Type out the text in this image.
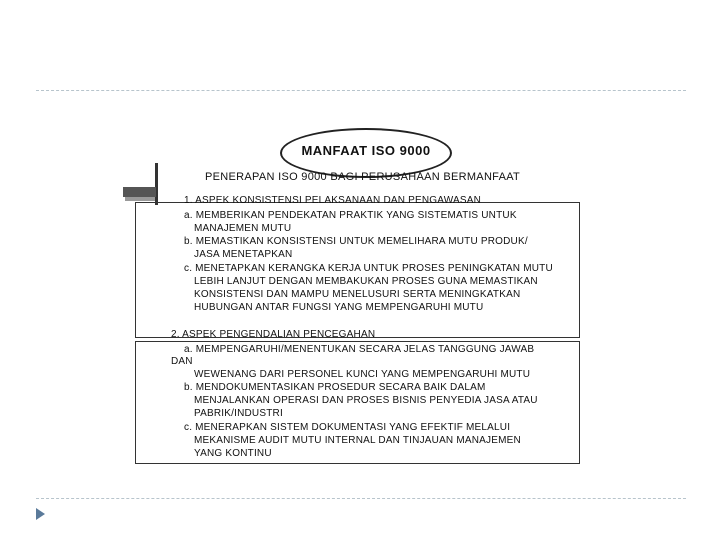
MANFAAT ISO 9000
PENERAPAN ISO 9000 BAGI PERUSAHAAN BERMANFAAT
1. ASPEK KONSISTENSI PELAKSANAAN DAN PENGAWASAN
a. MEMBERIKAN PENDEKATAN PRAKTIK YANG SISTEMATIS UNTUK
MANAJEMEN MUTU
b. MEMASTIKAN KONSISTENSI UNTUK MEMELIHARA MUTU PRODUK/
JASA MENETAPKAN
c. MENETAPKAN KERANGKA KERJA UNTUK PROSES PENINGKATAN MUTU
LEBIH LANJUT DENGAN MEMBAKUKAN PROSES GUNA MEMASTIKAN
KONSISTENSI DAN MAMPU MENELUSURI SERTA MENINGKATKAN
HUBUNGAN ANTAR FUNGSI YANG MEMPENGARUHI MUTU
2. ASPEK PENGENDALIAN PENCEGAHAN
a. MEMPENGARUHI/MENENTUKAN SECARA JELAS TANGGUNG JAWAB
DAN
WEWENANG DARI PERSONEL KUNCI YANG MEMPENGARUHI MUTU
b. MENDOKUMENTASIKAN PROSEDUR SECARA BAIK DALAM
MENJALANKAN OPERASI DAN PROSES BISNIS PENYEDIA JASA ATAU
PABRIK/INDUSTRI
c. MENERAPKAN SISTEM DOKUMENTASI YANG EFEKTIF MELALUI
MEKANISME AUDIT MUTU INTERNAL DAN TINJAUAN MANAJEMEN
YANG KONTINU
